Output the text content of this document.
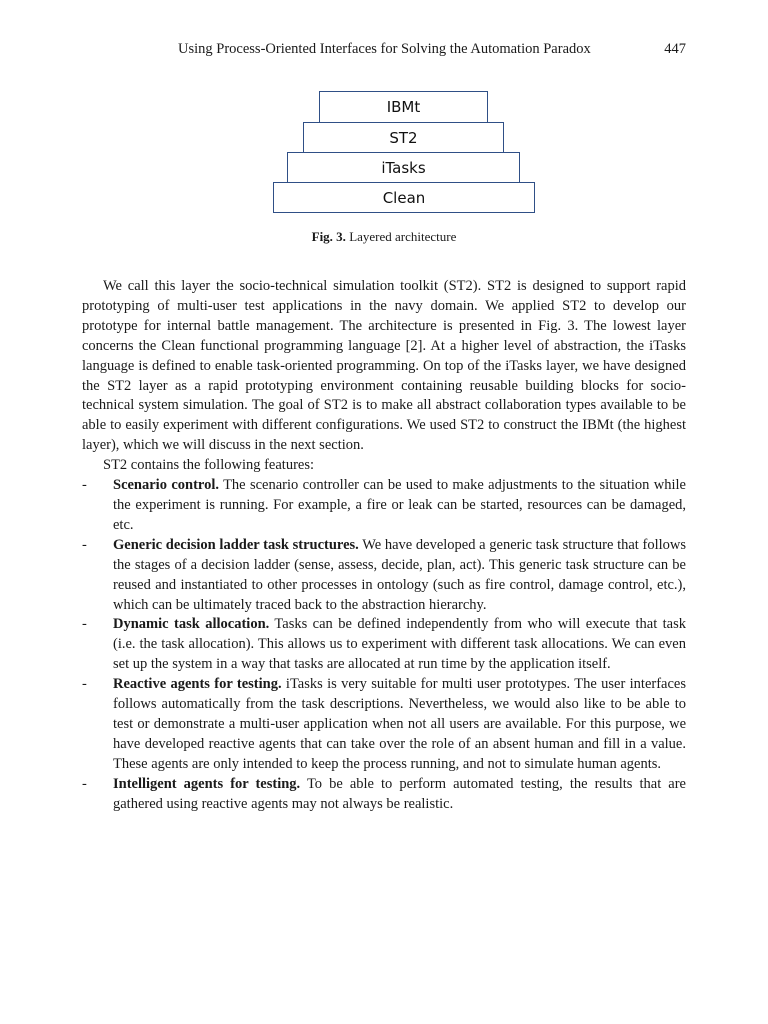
Using Process-Oriented Interfaces for Solving the Automation Paradox	447
IBMt
ST2
iTasks
Clean
Fig. 3. Layered architecture

We call this layer the socio-technical simulation toolkit (ST2). ST2 is designed to support rapid prototyping of multi-user test applications in the navy domain. We applied ST2 to develop our prototype for internal battle management. The architecture is presented in Fig. 3. The lowest layer concerns the Clean functional programming language [2]. At a higher level of abstraction, the iTasks language is defined to enable task-oriented programming. On top of the iTasks layer, we have designed the ST2 layer as a rapid prototyping environment containing reusable building blocks for socio-technical system simulation. The goal of ST2 is to make all abstract collaboration types available to be able to easily experiment with different configurations. We used ST2 to construct the IBMt (the highest layer), which we will discuss in the next section.

ST2 contains the following features:

- Scenario control. The scenario controller can be used to make adjustments to the situation while the experiment is running. For example, a fire or leak can be started, resources can be damaged, etc.
- Generic decision ladder task structures. We have developed a generic task structure that follows the stages of a decision ladder (sense, assess, decide, plan, act). This generic task structure can be reused and instantiated to other processes in ontology (such as fire control, damage control, etc.), which can be ultimately traced back to the abstraction hierarchy.
- Dynamic task allocation. Tasks can be defined independently from who will execute that task (i.e. the task allocation). This allows us to experiment with different task allocations. We can even set up the system in a way that tasks are allocated at run time by the application itself.
- Reactive agents for testing. iTasks is very suitable for multi user prototypes. The user interfaces follows automatically from the task descriptions. Nevertheless, we would also like to be able to test or demonstrate a multi-user application when not all users are available. For this purpose, we have developed reactive agents that can take over the role of an absent human and fill in a value. These agents are only intended to keep the process running, and not to simulate human agents.
- Intelligent agents for testing. To be able to perform automated testing, the results that are gathered using reactive agents may not always be realistic.
